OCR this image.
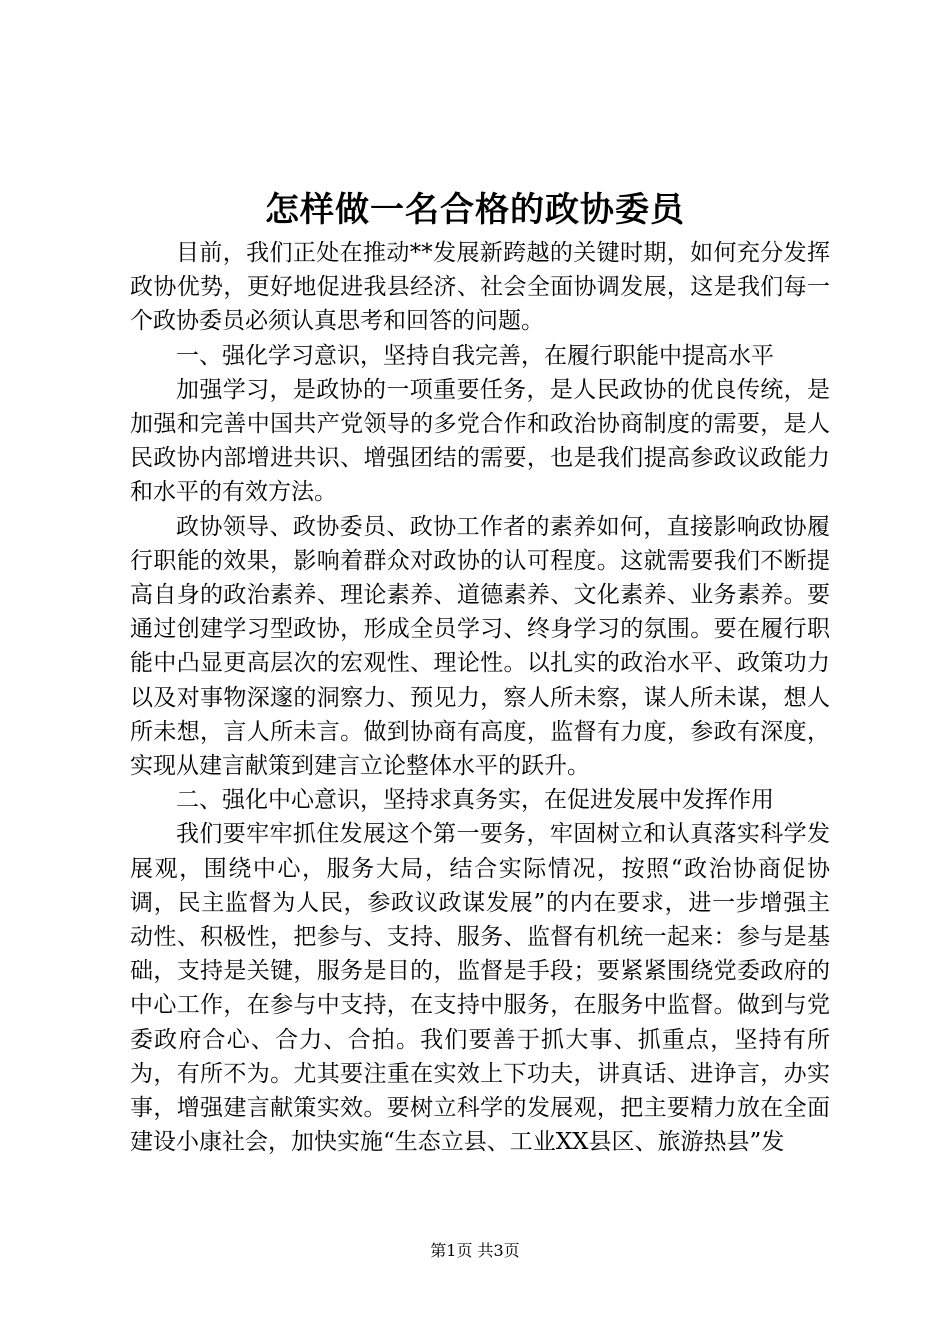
怎样做一名合格的政协委员

目前，我们正处在推动**发展新跨越的关键时期，如何充分发挥政协优势，更好地促进我县经济、社会全面协调发展，这是我们每一个政协委员必须认真思考和回答的问题。

一、强化学习意识，坚持自我完善，在履行职能中提高水平

加强学习，是政协的一项重要任务，是人民政协的优良传统，是加强和完善中国共产党领导的多党合作和政治协商制度的需要，是人民政协内部增进共识、增强团结的需要，也是我们提高参政议政能力和水平的有效方法。

政协领导、政协委员、政协工作者的素养如何，直接影响政协履行职能的效果，影响着群众对政协的认可程度。这就需要我们不断提高自身的政治素养、理论素养、道德素养、文化素养、业务素养。要通过创建学习型政协，形成全员学习、终身学习的氛围。要在履行职能中凸显更高层次的宏观性、理论性。以扎实的政治水平、政策功力以及对事物深邃的洞察力、预见力，察人所未察，谋人所未谋，想人所未想，言人所未言。做到协商有高度，监督有力度，参政有深度，实现从建言献策到建言立论整体水平的跃升。

二、强化中心意识，坚持求真务实，在促进发展中发挥作用

我们要牢牢抓住发展这个第一要务，牢固树立和认真落实科学发展观，围绕中心，服务大局，结合实际情况，按照“政治协商促协调，民主监督为人民，参政议政谋发展”的内在要求，进一步增强主动性、积极性，把参与、支持、服务、监督有机统一起来：参与是基础，支持是关键，服务是目的，监督是手段；要紧紧围绕党委政府的中心工作，在参与中支持，在支持中服务，在服务中监督。做到与党委政府合心、合力、合拍。我们要善于抓大事、抓重点，坚持有所为，有所不为。尤其要注重在实效上下功夫，讲真话、进诤言，办实事，增强建言献策实效。要树立科学的发展观，把主要精力放在全面建设小康社会，加快实施“生态立县、工业XX县区、旅游热县”发

第1页 共3页
